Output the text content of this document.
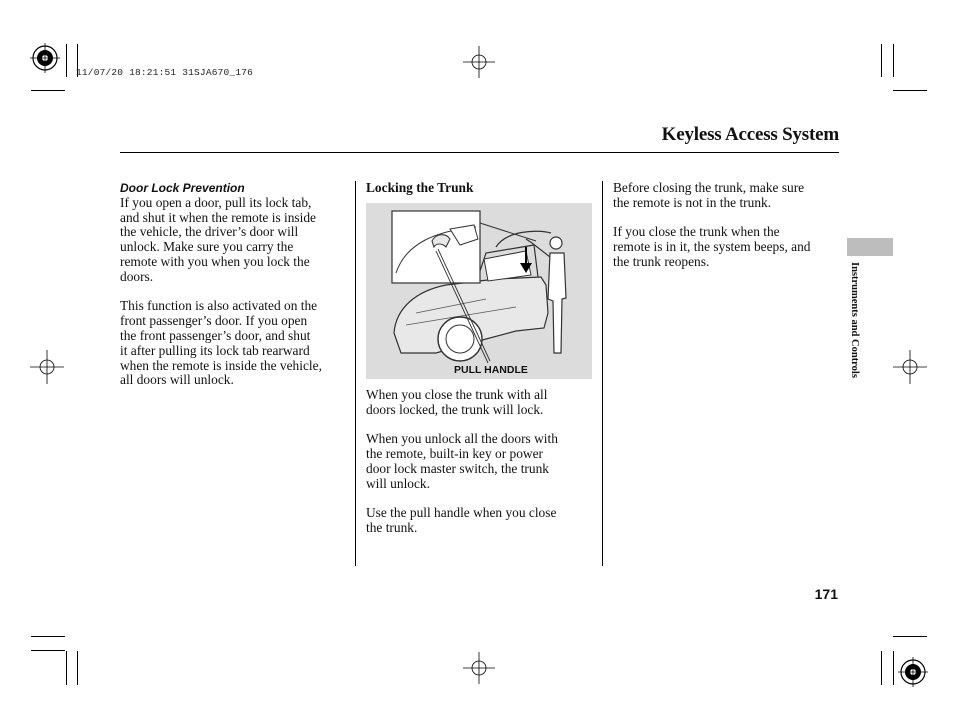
11/07/20 18:21:51 31SJA670_176
Keyless Access System

Door Lock Prevention

If you open a door, pull its lock tab,

and shut it when the remote is inside

the vehicle, the driver’s door will

unlock. Make sure you carry the

remote with you when you lock the

doors.

This function is also activated on the

front passenger’s door. If you open

the front passenger’s door, and shut

it after pulling its lock tab rearward

when the remote is inside the vehicle,

all doors will unlock.

Locking the Trunk

PULL HANDLE

When you close the trunk with all

doors locked, the trunk will lock.

When you unlock all the doors with

the remote, built-in key or power

door lock master switch, the trunk

will unlock.

Use the pull handle when you close

the trunk.

Before closing the trunk, make sure

the remote is not in the trunk.

If you close the trunk when the

remote is in it, the system beeps, and

the trunk reopens.

Instruments and Controls
171
